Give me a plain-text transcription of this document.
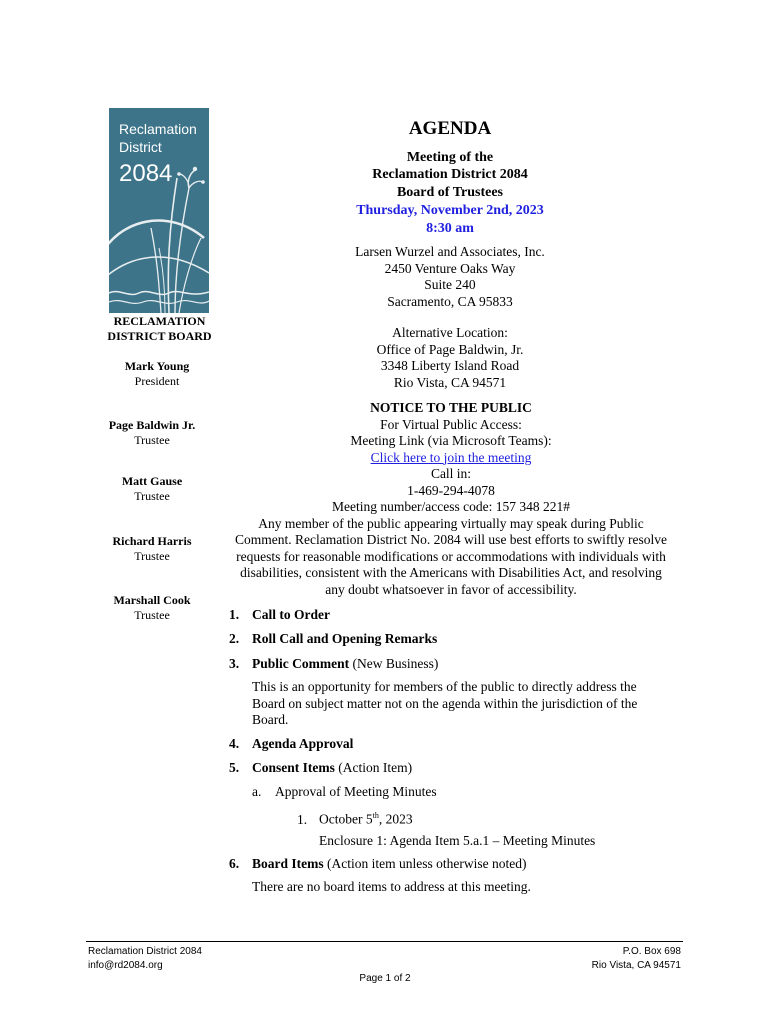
Reclamation
District
2084
RECLAMATION
DISTRICT BOARD
Mark Young
President
Page Baldwin Jr.
Trustee
Matt Gause
Trustee
Richard Harris
Trustee
Marshall Cook
Trustee
AGENDA
Meeting of the
Reclamation District 2084
Board of Trustees
Thursday, November 2nd, 2023
8:30 am
Larsen Wurzel and Associates, Inc.
2450 Venture Oaks Way
Suite 240
Sacramento, CA 95833
Alternative Location:
Office of Page Baldwin, Jr.
3348 Liberty Island Road
Rio Vista, CA 94571
NOTICE TO THE PUBLIC
For Virtual Public Access:
Meeting Link (via Microsoft Teams):
Click here to join the meeting
Call in:
1-469-294-4078
Meeting number/access code: 157 348 221#
Any member of the public appearing virtually may speak during Public
Comment. Reclamation District No. 2084 will use best efforts to swiftly resolve
requests for reasonable modifications or accommodations with individuals with
disabilities, consistent with the Americans with Disabilities Act, and resolving
any doubt whatsoever in favor of accessibility.
1. Call to Order
2. Roll Call and Opening Remarks
3. Public Comment (New Business)
This is an opportunity for members of the public to directly address the
Board on subject matter not on the agenda within the jurisdiction of the
Board.
4. Agenda Approval
5. Consent Items (Action Item)
a. Approval of Meeting Minutes
1. October 5th, 2023
Enclosure 1: Agenda Item 5.a.1 – Meeting Minutes
6. Board Items (Action item unless otherwise noted)
There are no board items to address at this meeting.
Reclamation District 2084
info@rd2084.org
P.O. Box 698
Rio Vista, CA 94571
Page 1 of 2
